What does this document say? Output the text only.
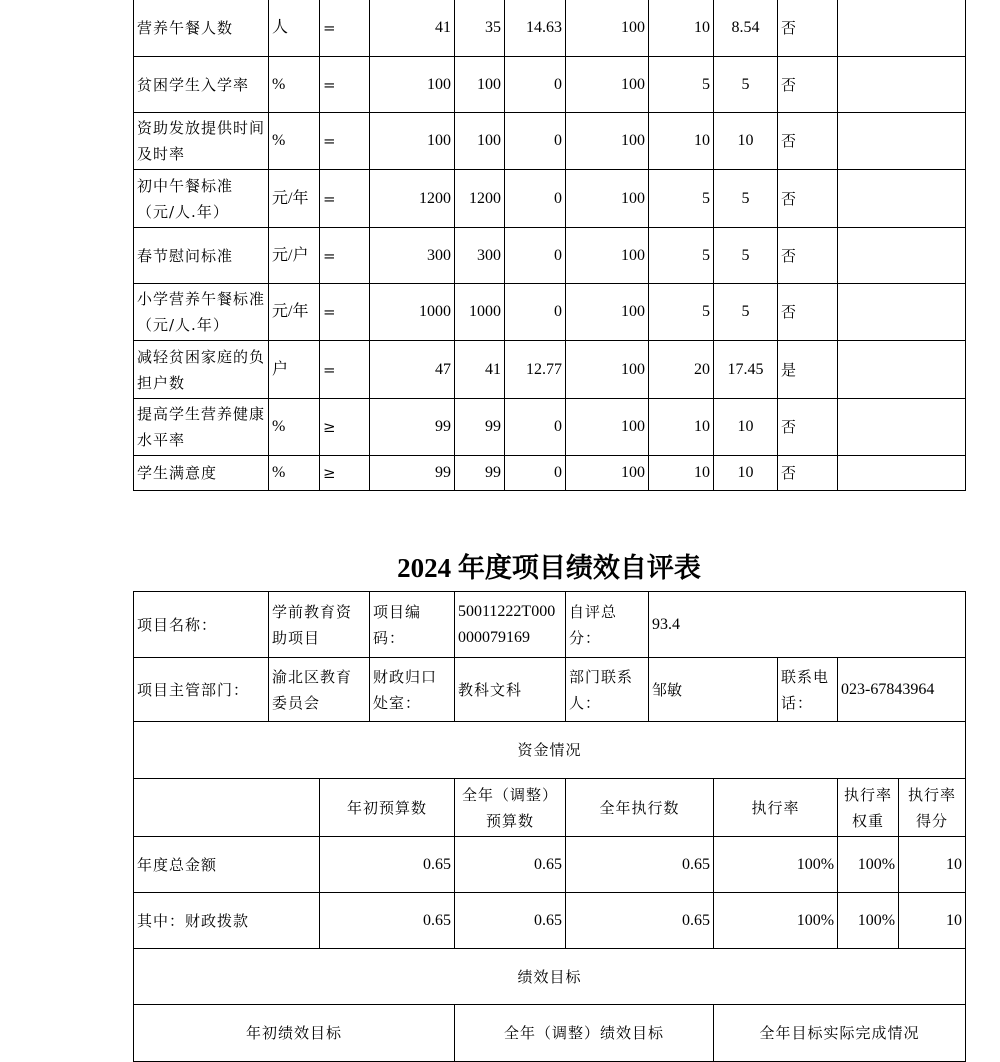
营养午餐人数	人	=	41	35	14.63	100	10	8.54	否	
贫困学生入学率	%	=	100	100	0	100	5	5	否	
资助发放提供时间及时率	%	=	100	100	0	100	10	10	否	
初中午餐标准（元/人.年）	元/年	=	1200	1200	0	100	5	5	否	
春节慰问标准	元/户	=	300	300	0	100	5	5	否	
小学营养午餐标准（元/人.年）	元/年	=	1000	1000	0	100	5	5	否	
减轻贫困家庭的负担户数	户	=	47	41	12.77	100	20	17.45	是	
提高学生营养健康水平率	%	≥	99	99	0	100	10	10	否	
学生满意度	%	≥	99	99	0	100	10	10	否	
2024 年度项目绩效自评表
项目名称：	学前教育资助项目		项目编码：	50011222T000000079169	自评总分：	93.4				
项目主管部门：	渝北区教育委员会		财政归口处室：	教科文科	部门联系人：	邹敏		联系电话：	023-67843964	
资金情况										
		年初预算数		全年（调整）预算数	全年执行数		执行率		执行率权重	执行率得分
年度总金额		0.65		0.65	0.65		100%		100%	10
其中：财政拨款		0.65		0.65	0.65		100%		100%	10
绩效目标										
年初绩效目标				全年（调整）绩效目标			全年目标实际完成情况			
